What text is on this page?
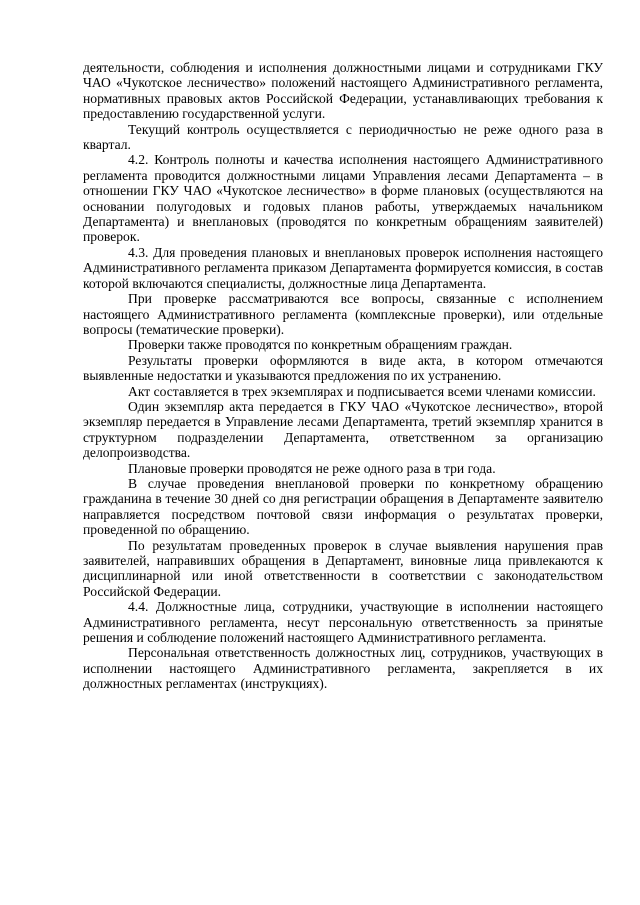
деятельности, соблюдения и исполнения должностными лицами и сотрудниками ГКУ ЧАО «Чукотское лесничество» положений настоящего Административного регламента, нормативных правовых актов Российской Федерации, устанавливающих требования к предоставлению государственной услуги.

Текущий контроль осуществляется с периодичностью не реже одного раза в квартал.

4.2. Контроль полноты и качества исполнения настоящего Административного регламента проводится должностными лицами Управления лесами Департамента – в отношении ГКУ ЧАО «Чукотское лесничество» в форме плановых (осуществляются на основании полугодовых и годовых планов работы, утверждаемых начальником Департамента) и внеплановых (проводятся по конкретным обращениям заявителей) проверок.

4.3. Для проведения плановых и внеплановых проверок исполнения настоящего Административного регламента приказом Департамента формируется комиссия, в состав которой включаются специалисты, должностные лица Департамента.

При проверке рассматриваются все вопросы, связанные с исполнением настоящего Административного регламента (комплексные проверки), или отдельные вопросы (тематические проверки).

Проверки также проводятся по конкретным обращениям граждан.

Результаты проверки оформляются в виде акта, в котором отмечаются выявленные недостатки и указываются предложения по их устранению.

Акт составляется в трех экземплярах и подписывается всеми членами комиссии.

Один экземпляр акта передается в ГКУ ЧАО «Чукотское лесничество», второй экземпляр передается в Управление лесами Департамента, третий экземпляр хранится в структурном подразделении Департамента, ответственном за организацию делопроизводства.

Плановые проверки проводятся не реже одного раза в три года.

В случае проведения внеплановой проверки по конкретному обращению гражданина в течение 30 дней со дня регистрации обращения в Департаменте заявителю направляется посредством почтовой связи информация о результатах проверки, проведенной по обращению.

По результатам проведенных проверок в случае выявления нарушения прав заявителей, направивших обращения в Департамент, виновные лица привлекаются к дисциплинарной или иной ответственности в соответствии с законодательством Российской Федерации.

4.4. Должностные лица, сотрудники, участвующие в исполнении настоящего Административного регламента, несут персональную ответственность за принятые решения и соблюдение положений настоящего Административного регламента.

Персональная ответственность должностных лиц, сотрудников, участвующих в исполнении настоящего Административного регламента, закрепляется в их должностных регламентах (инструкциях).
